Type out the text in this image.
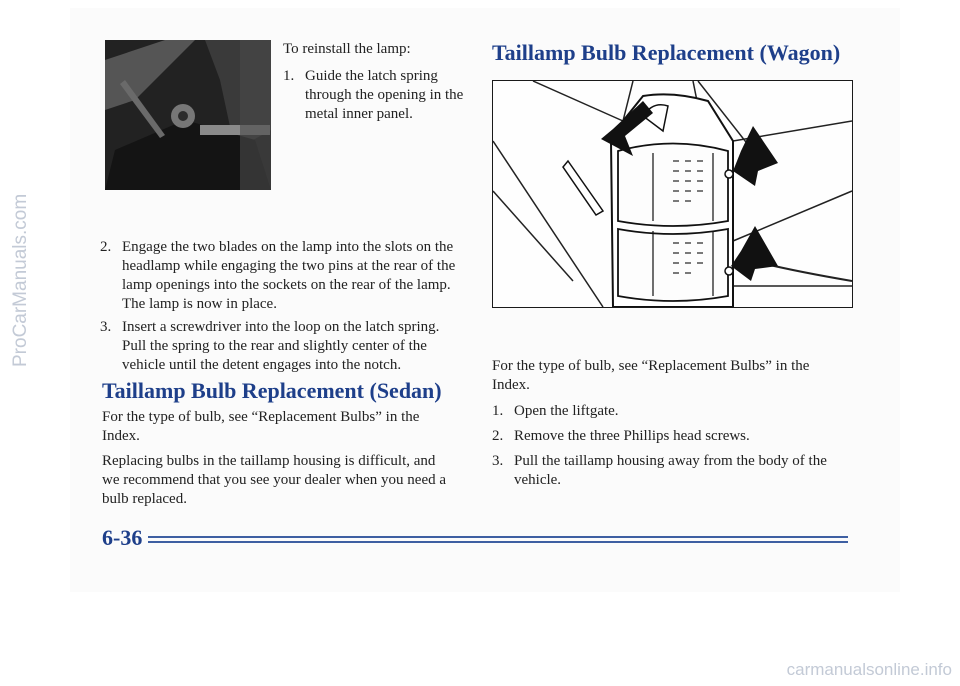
To reinstall the lamp:
1. Guide the latch spring through the opening in the metal inner panel.
2. Engage the two blades on the lamp into the slots on the headlamp while engaging the two pins at the rear of the lamp openings into the sockets on the rear of the lamp. The lamp is now in place.
3. Insert a screwdriver into the loop on the latch spring. Pull the spring to the rear and slightly center of the vehicle until the detent engages into the notch.
Taillamp Bulb Replacement (Sedan)
For the type of bulb, see “Replacement Bulbs” in the Index.
Replacing bulbs in the taillamp housing is difficult, and we recommend that you see your dealer when you need a bulb replaced.
Taillamp Bulb Replacement (Wagon)
For the type of bulb, see “Replacement Bulbs” in the Index.
1. Open the liftgate.
2. Remove the three Phillips head screws.
3. Pull the taillamp housing away from the body of the vehicle.
6-36
ProCarManuals.com
carmanualsonline.info
